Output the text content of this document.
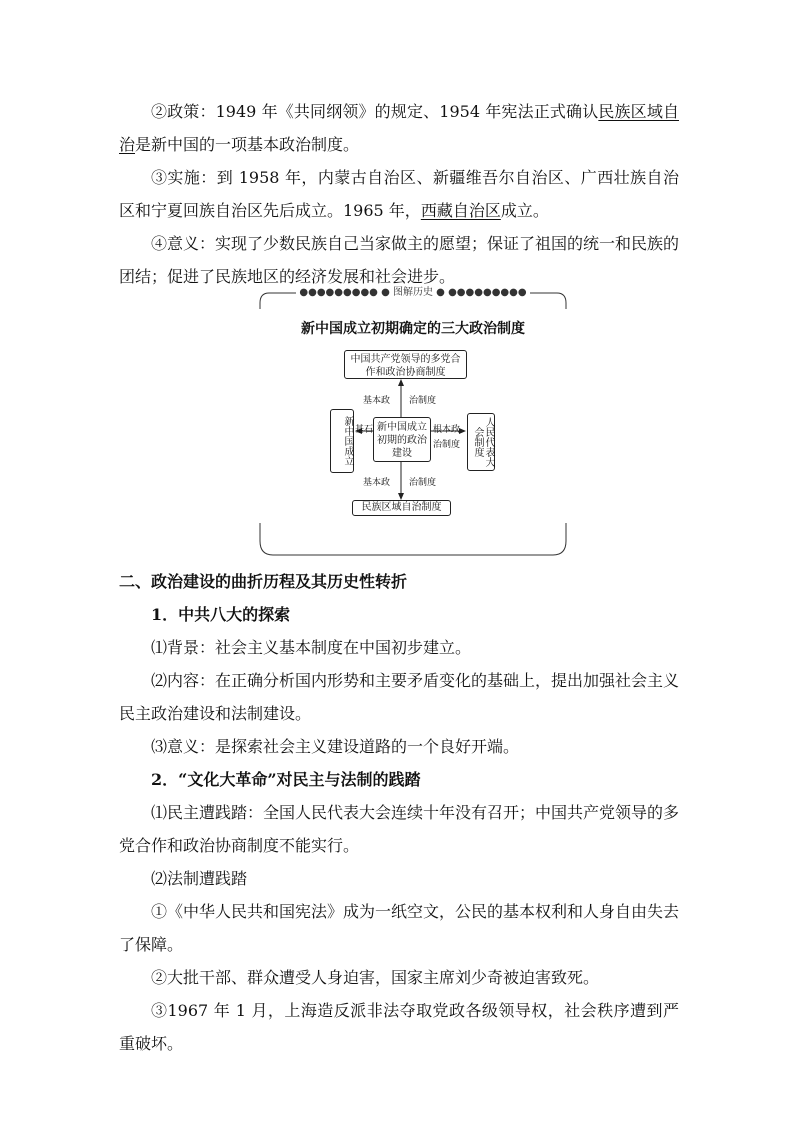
②政策：1949 年《共同纲领》的规定、1954 年宪法正式确认民族区域自治是新中国的一项基本政治制度。

③实施：到 1958 年，内蒙古自治区、新疆维吾尔自治区、广西壮族自治区和宁夏回族自治区先后成立。1965 年，西藏自治区成立。

④意义：实现了少数民族自己当家做主的愿望；保证了祖国的统一和民族的团结；促进了民族地区的经济发展和社会进步。

●●●●●●●●● ● 图解历史 ● ●●●●●●●●●
新中国成立初期确定的三大政治制度
中国共产党领导的多党合作和政治协商制度
新中国成立初期的政治建设
新中国成立	人民代表大会制度
民族区域自治制度
基本政 治制度
基石	根本政
治制度
基本政 治制度

二、政治建设的曲折历程及其历史性转折

1．中共八大的探索

⑴背景：社会主义基本制度在中国初步建立。

⑵内容：在正确分析国内形势和主要矛盾变化的基础上，提出加强社会主义民主政治建设和法制建设。

⑶意义：是探索社会主义建设道路的一个良好开端。

2．“文化大革命”对民主与法制的践踏

⑴民主遭践踏：全国人民代表大会连续十年没有召开；中国共产党领导的多党合作和政治协商制度不能实行。

⑵法制遭践踏

①《中华人民共和国宪法》成为一纸空文，公民的基本权利和人身自由失去了保障。

②大批干部、群众遭受人身迫害，国家主席刘少奇被迫害致死。

③1967 年 1 月，上海造反派非法夺取党政各级领导权，社会秩序遭到严重破坏。
